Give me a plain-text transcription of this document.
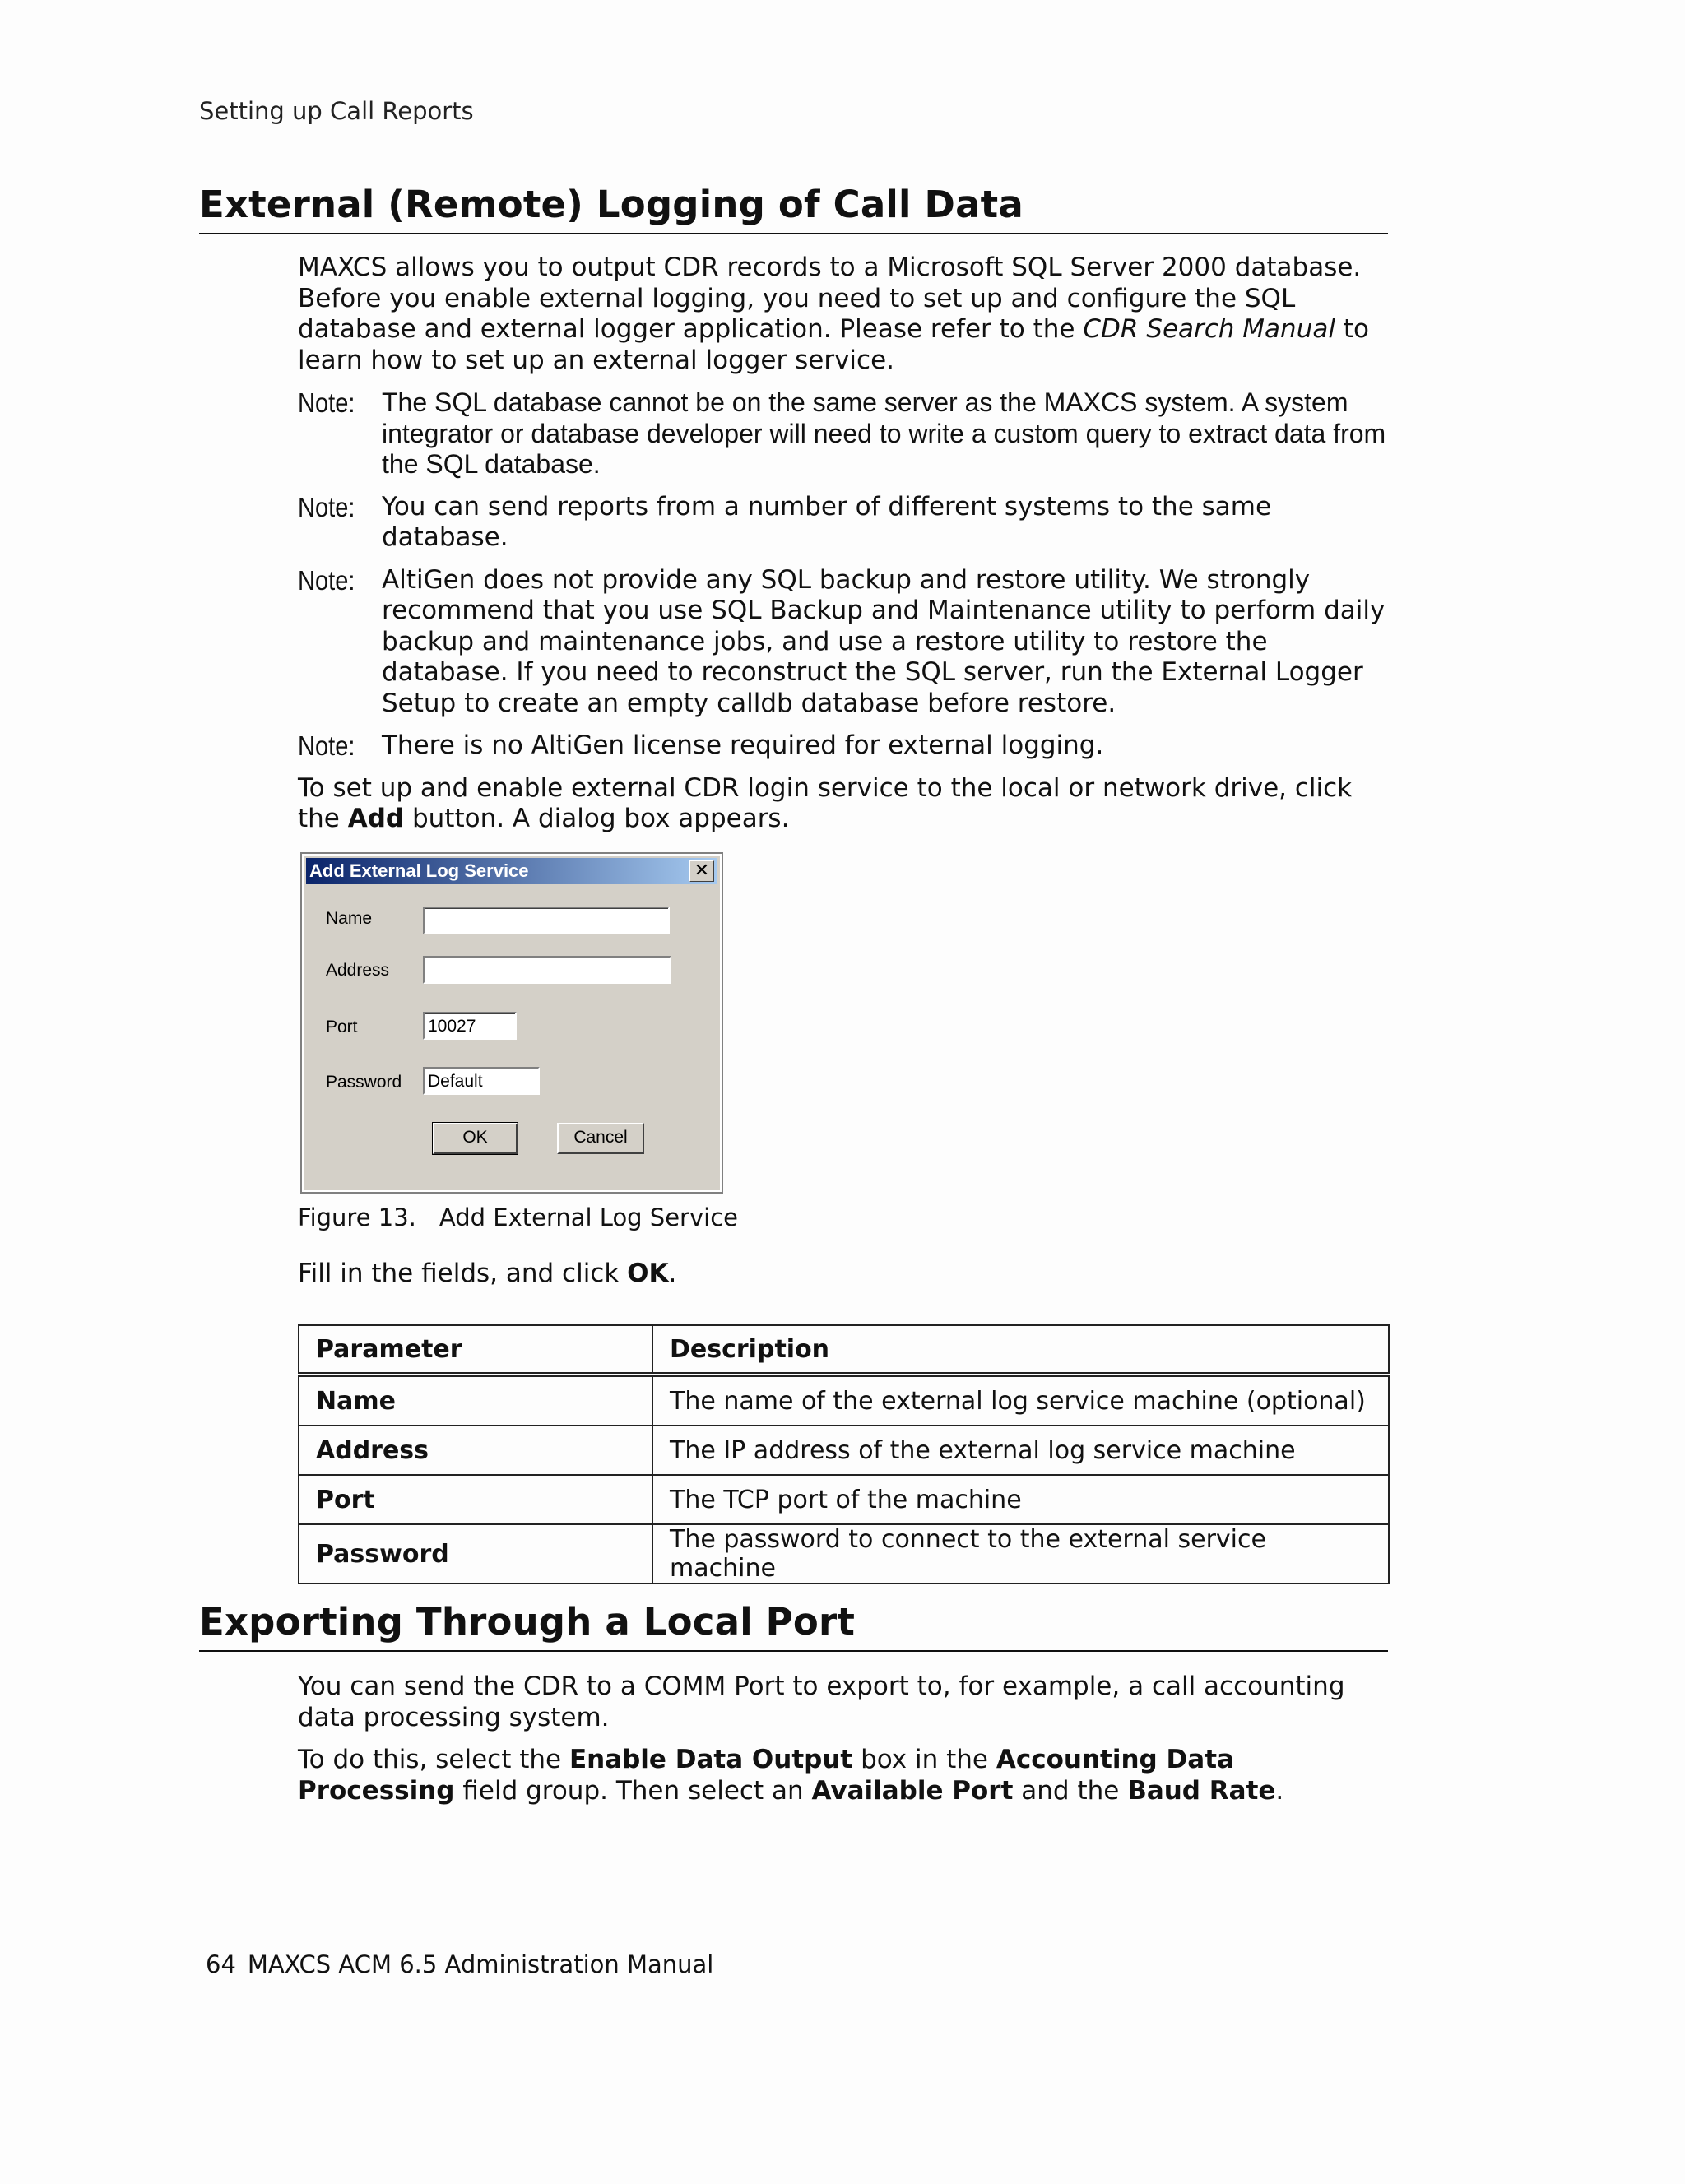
Setting up Call Reports
External (Remote) Logging of Call Data

MAXCS allows you to output CDR records to a Microsoft SQL Server 2000 database. Before you enable external logging, you need to set up and configure the SQL database and external logger application. Please refer to the CDR Search Manual to learn how to set up an external logger service.

Note:	The SQL database cannot be on the same server as the MAXCS system. A system integrator or database developer will need to write a custom query to extract data from the SQL database.
Note:	You can send reports from a number of different systems to the same database.
Note:	AltiGen does not provide any SQL backup and restore utility. We strongly recommend that you use SQL Backup and Maintenance utility to perform daily backup and maintenance jobs, and use a restore utility to restore the database. If you need to reconstruct the SQL server, run the External Logger Setup to create an empty calldb database before restore.
Note:	There is no AltiGen license required for external logging.

To set up and enable external CDR login service to the local or network drive, click the Add button. A dialog box appears.

Add External Log Service	✕
Name
Address
Port	10027
Password Default
OK	Cancel
Figure 13. Add External Log Service

Fill in the fields, and click OK.

Parameter	Description
Name	The name of the external log service machine (optional)
Address	The IP address of the external log service machine
Port	The TCP port of the machine
Password	The password to connect to the external service machine
Exporting Through a Local Port

You can send the CDR to a COMM Port to export to, for example, a call accounting data processing system.

To do this, select the Enable Data Output box in the Accounting Data Processing field group. Then select an Available Port and the Baud Rate.

64 MAXCS ACM 6.5 Administration Manual
